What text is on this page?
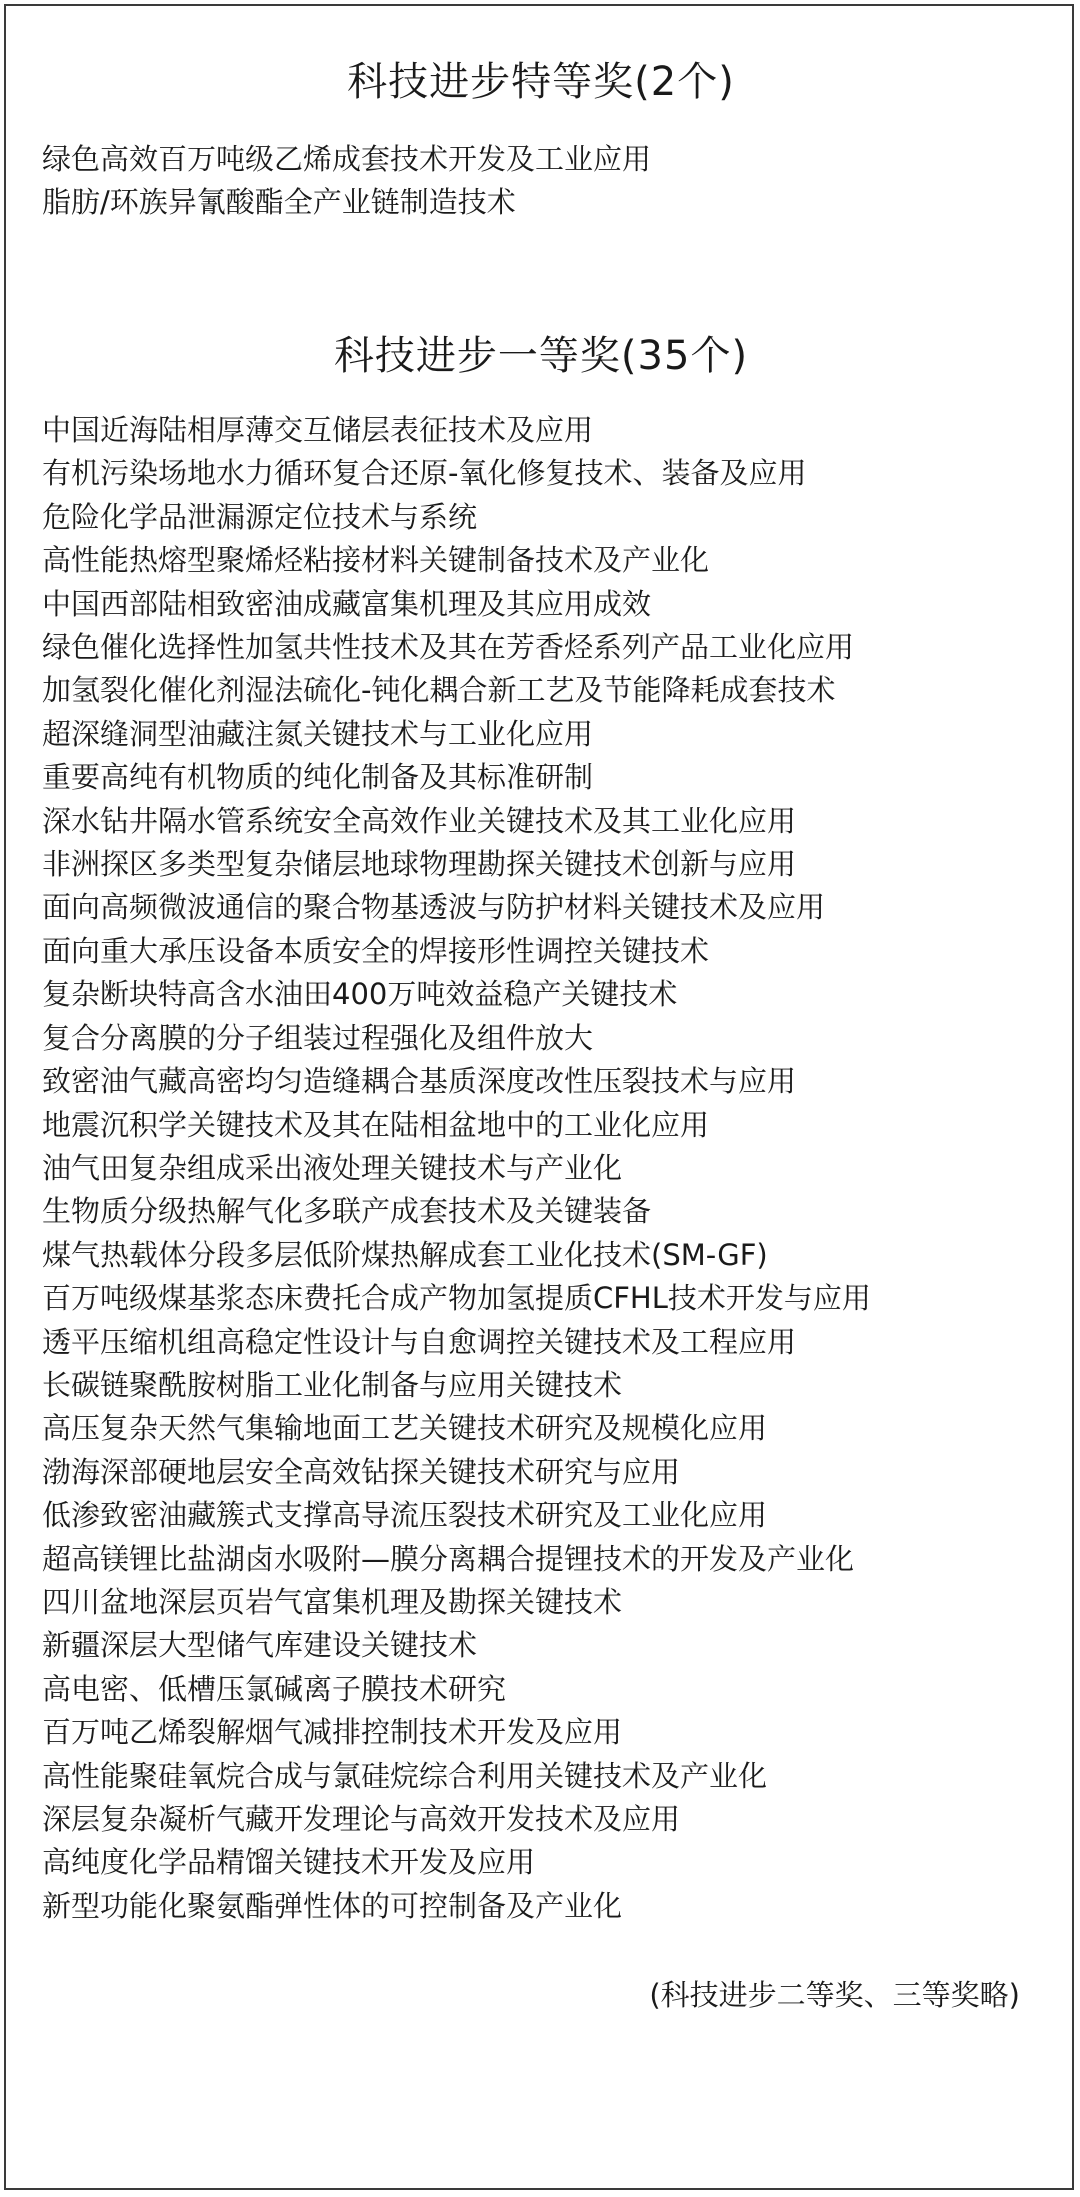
科技进步特等奖(2个)
绿色高效百万吨级乙烯成套技术开发及工业应用
脂肪/环族异氰酸酯全产业链制造技术
科技进步一等奖(35个)
中国近海陆相厚薄交互储层表征技术及应用
有机污染场地水力循环复合还原-氧化修复技术、装备及应用
危险化学品泄漏源定位技术与系统
高性能热熔型聚烯烃粘接材料关键制备技术及产业化
中国西部陆相致密油成藏富集机理及其应用成效
绿色催化选择性加氢共性技术及其在芳香烃系列产品工业化应用
加氢裂化催化剂湿法硫化-钝化耦合新工艺及节能降耗成套技术
超深缝洞型油藏注氮关键技术与工业化应用
重要高纯有机物质的纯化制备及其标准研制
深水钻井隔水管系统安全高效作业关键技术及其工业化应用
非洲探区多类型复杂储层地球物理勘探关键技术创新与应用
面向高频微波通信的聚合物基透波与防护材料关键技术及应用
面向重大承压设备本质安全的焊接形性调控关键技术
复杂断块特高含水油田400万吨效益稳产关键技术
复合分离膜的分子组装过程强化及组件放大
致密油气藏高密均匀造缝耦合基质深度改性压裂技术与应用
地震沉积学关键技术及其在陆相盆地中的工业化应用
油气田复杂组成采出液处理关键技术与产业化
生物质分级热解气化多联产成套技术及关键装备
煤气热载体分段多层低阶煤热解成套工业化技术(SM-GF)
百万吨级煤基浆态床费托合成产物加氢提质CFHL技术开发与应用
透平压缩机组高稳定性设计与自愈调控关键技术及工程应用
长碳链聚酰胺树脂工业化制备与应用关键技术
高压复杂天然气集输地面工艺关键技术研究及规模化应用
渤海深部硬地层安全高效钻探关键技术研究与应用
低渗致密油藏簇式支撑高导流压裂技术研究及工业化应用
超高镁锂比盐湖卤水吸附—膜分离耦合提锂技术的开发及产业化
四川盆地深层页岩气富集机理及勘探关键技术
新疆深层大型储气库建设关键技术
高电密、低槽压氯碱离子膜技术研究
百万吨乙烯裂解烟气减排控制技术开发及应用
高性能聚硅氧烷合成与氯硅烷综合利用关键技术及产业化
深层复杂凝析气藏开发理论与高效开发技术及应用
高纯度化学品精馏关键技术开发及应用
新型功能化聚氨酯弹性体的可控制备及产业化

(科技进步二等奖、三等奖略)
